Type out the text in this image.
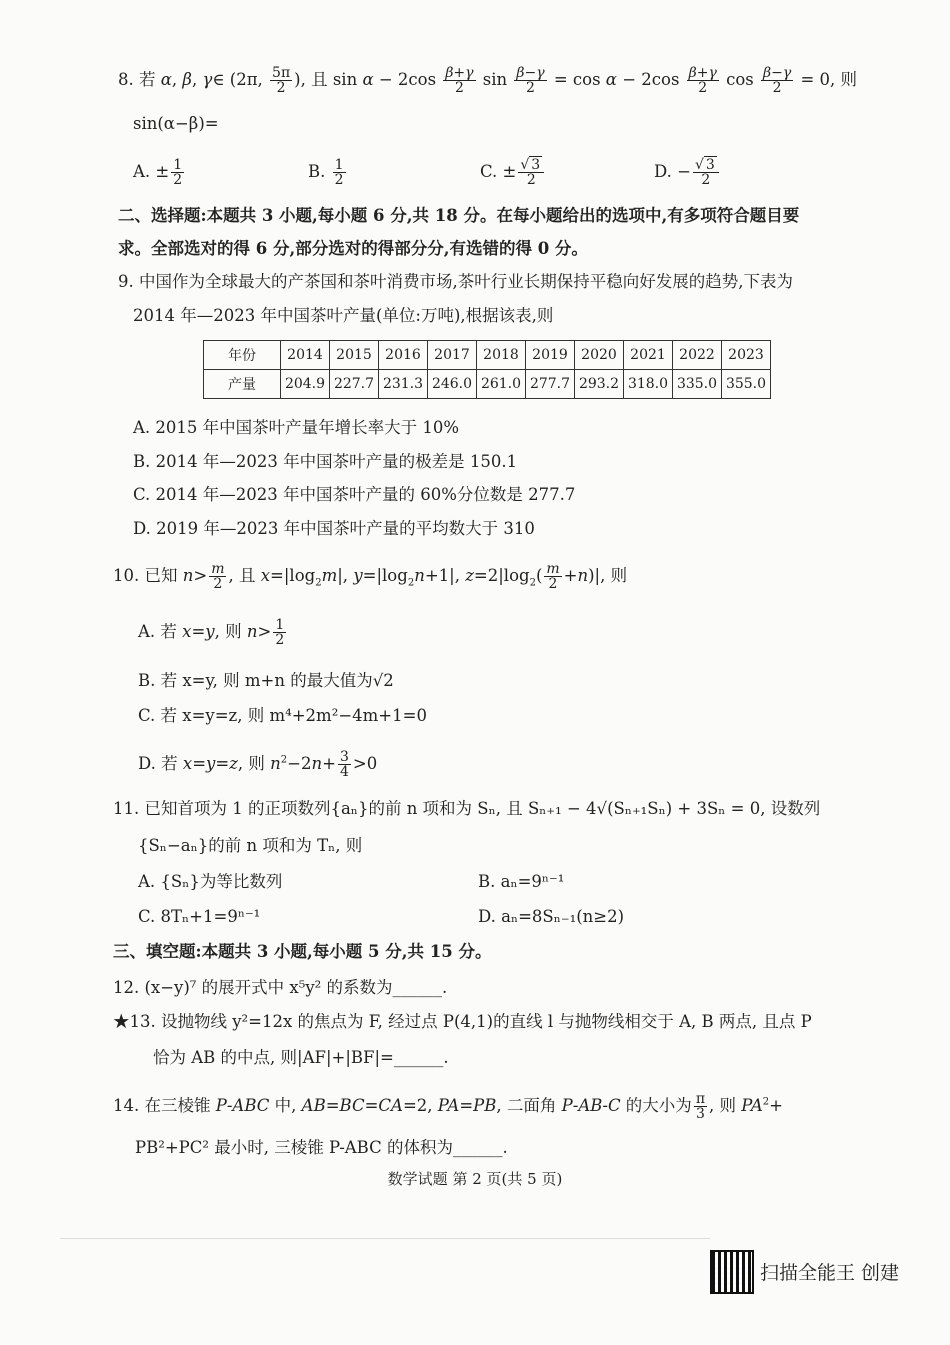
8. 若 α, β, γ∈ (2π, $\frac{5\pi}{2}$ ), 且 $\sin \alpha - 2\cos \frac{\beta+\gamma}{2}$ $\sin \frac{\beta-\gamma}{2} = \cos \alpha - 2\cos \frac{\beta+\gamma}{2}$ $\cos \frac{\beta-\gamma}{2} = 0$, 则
sin(α−β)=
A. ± $\frac{1}{2}$	B. $\frac{1}{2}$	C. ± $\frac{√ 3}{2}$	D. − $\frac{√ 3}{2}$
二、选择题:本题共 3 小题,每小题 6 分,共 18 分。在每小题给出的选项中,有多项符合题目要
求。全部选对的得 6 分,部分选对的得部分分,有选错的得 0 分。
9. 中国作为全球最大的产茶国和茶叶消费市场,茶叶行业长期保持平稳向好发展的趋势,下表为
2014 年—2023 年中国茶叶产量(单位:万吨),根据该表,则
年份	2014	2015	2016	2017	2018	2019	2020	2021	2022	2023
产量	204.9	227.7	231.3	246.0	261.0	277.7	293.2	318.0	335.0	355.0
A. 2015 年中国茶叶产量年增长率大于 10%
B. 2014 年—2023 年中国茶叶产量的极差是 150.1
C. 2014 年—2023 年中国茶叶产量的 60%分位数是 277.7
D. 2019 年—2023 年中国茶叶产量的平均数大于 310
10. 已知 $n> \frac{m}{2}$ , 且 $x=|\log_2m|$, $y=|\log_2n+1|$, $z=2|\log_2( \frac{m}{2} +n)|$, 则
A. 若 x=y, 则 $n> \frac{1}{2}$
B. 若 x=y, 则 m+n 的最大值为√2
C. 若 x=y=z, 则 m⁴+2m²−4m+1=0
D. 若 x=y=z, 则 $n^2-2n+ \frac{3}{4} >0$
11. 已知首项为 1 的正项数列{aₙ}的前 n 项和为 Sₙ, 且 Sₙ₊₁ − 4√(Sₙ₊₁Sₙ) + 3Sₙ = 0, 设数列
{Sₙ−aₙ}的前 n 项和为 Tₙ, 则
A. {Sₙ}为等比数列	B. aₙ=9ⁿ⁻¹
C. 8Tₙ+1=9ⁿ⁻¹	D. aₙ=8Sₙ₋₁(n≥2)
三、填空题:本题共 3 小题,每小题 5 分,共 15 分。
12. (x−y)⁷ 的展开式中 x⁵y² 的系数为______.
★13. 设抛物线 y²=12x 的焦点为 F, 经过点 P(4,1)的直线 l 与抛物线相交于 A, B 两点, 且点 P
恰为 AB 的中点, 则|AF|+|BF|=______.
14. 在三棱锥 P-ABC 中, AB=BC=CA=2, PA=PB, 二面角 P-AB-C 的大小为 $\frac{\pi}{3}$ , 则 $PA^2+$
PB²+PC² 最小时, 三棱锥 P-ABC 的体积为______.
数学试题 第 2 页(共 5 页)
扫描全能王 创建
